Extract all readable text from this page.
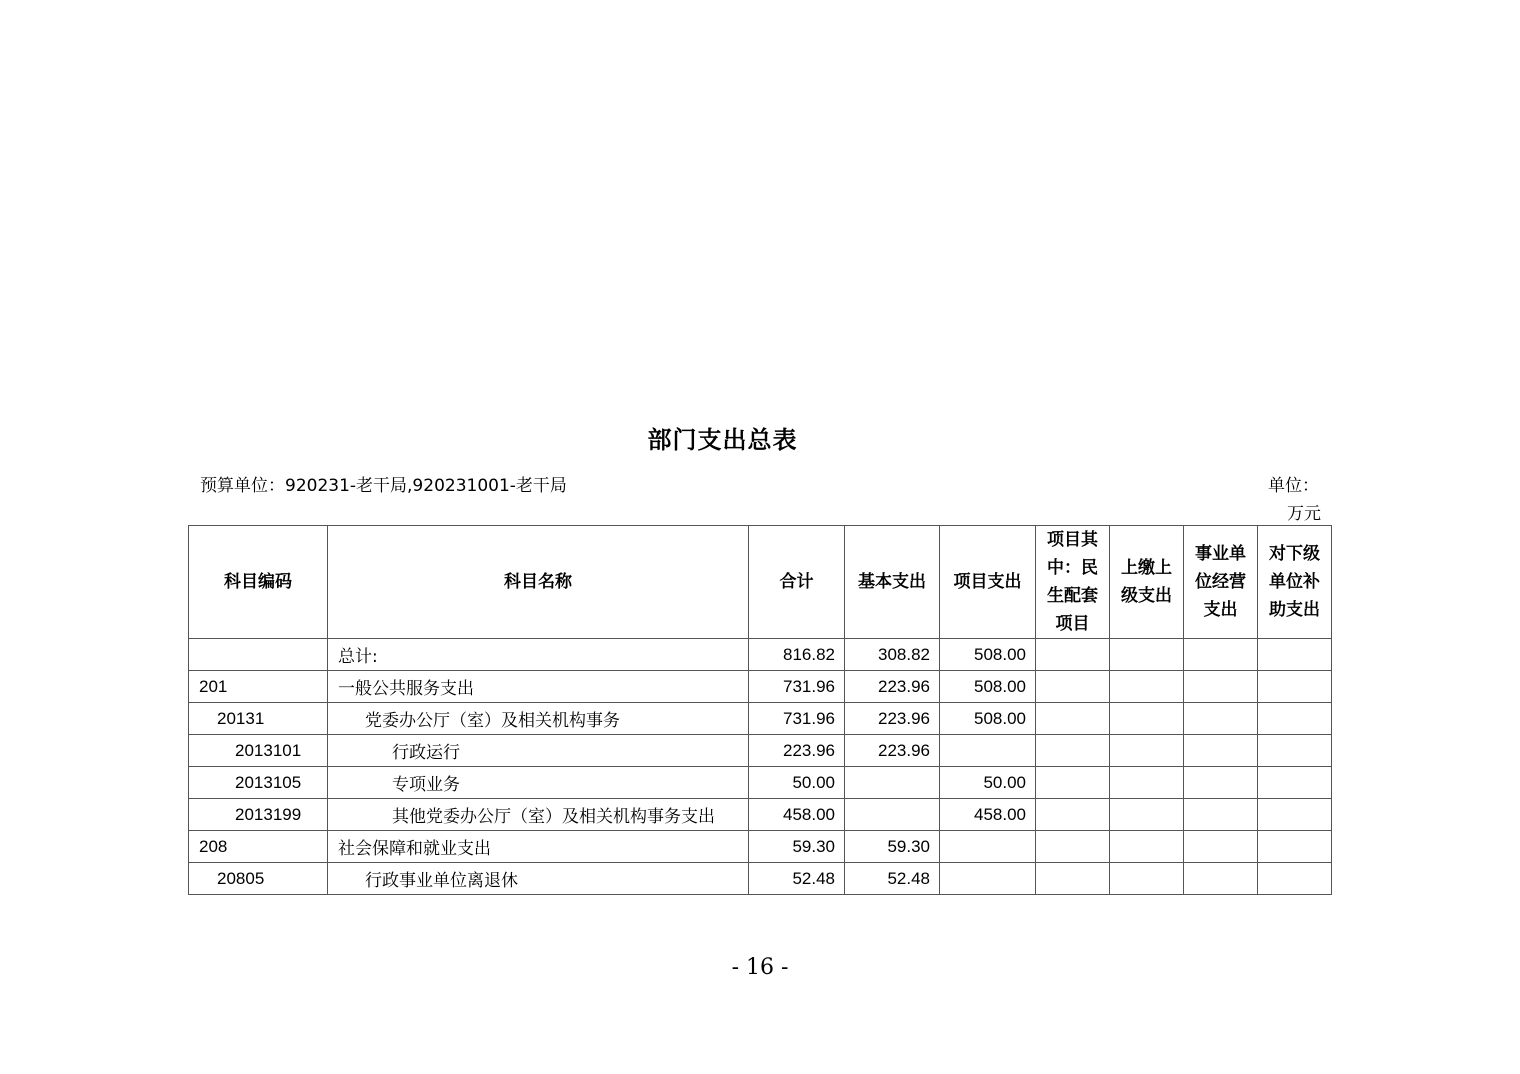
部门支出总表
预算单位：920231-老干局,920231001-老干局	单位：
万元
科目编码	科目名称	合计	基本支出	项目支出	项目其中：民生配套项目	上缴上级支出	事业单位经营支出	对下级单位补助支出
	总计:	816.82	308.82	508.00				
201	一般公共服务支出	731.96	223.96	508.00				
20131	党委办公厅（室）及相关机构事务	731.96	223.96	508.00				
2013101	行政运行	223.96	223.96					
2013105	专项业务	50.00		50.00				
2013199	其他党委办公厅（室）及相关机构事务支出	458.00		458.00				
208	社会保障和就业支出	59.30	59.30					
20805	行政事业单位离退休	52.48	52.48					
- 16 -
